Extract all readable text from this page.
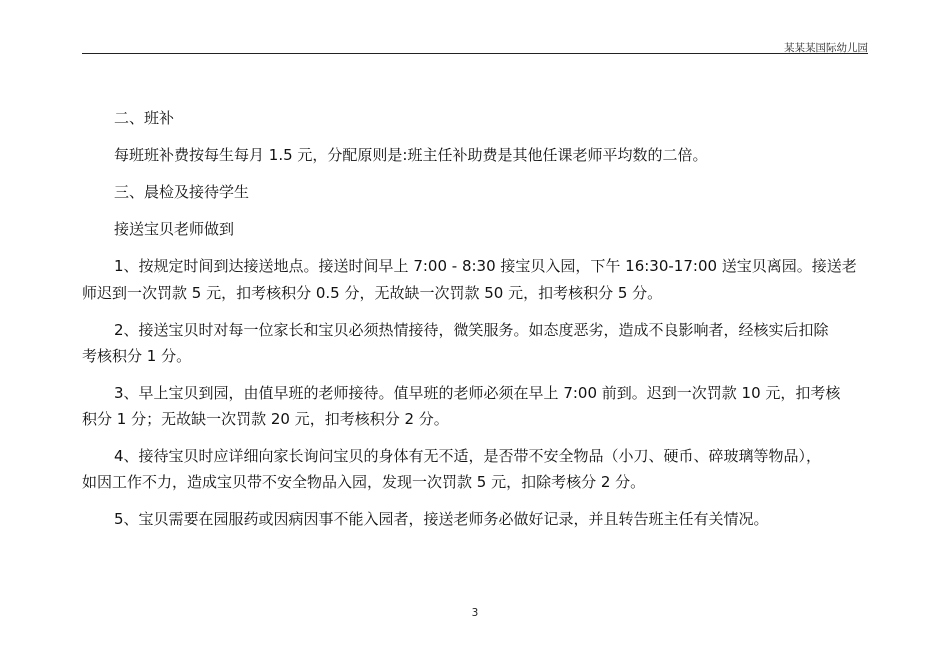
某某某国际幼儿园
二、班补
每班班补费按每生每月 1.5 元，分配原则是:班主任补助费是其他任课老师平均数的二倍。
三、晨检及接待学生
接送宝贝老师做到
1、按规定时间到达接送地点。接送时间早上 7:00 - 8:30 接宝贝入园，下午 16:30-17:00 送宝贝离园。接送老
师迟到一次罚款 5 元，扣考核积分 0.5 分，无故缺一次罚款 50 元，扣考核积分 5 分。
2、接送宝贝时对每一位家长和宝贝必须热情接待，微笑服务。如态度恶劣，造成不良影响者，经核实后扣除
考核积分 1 分。
3、早上宝贝到园，由值早班的老师接待。值早班的老师必须在早上 7:00 前到。迟到一次罚款 10 元，扣考核
积分 1 分；无故缺一次罚款 20 元，扣考核积分 2 分。
4、接待宝贝时应详细向家长询问宝贝的身体有无不适，是否带不安全物品（小刀、硬币、碎玻璃等物品），
如因工作不力，造成宝贝带不安全物品入园，发现一次罚款 5 元，扣除考核分 2 分。
5、宝贝需要在园服药或因病因事不能入园者，接送老师务必做好记录，并且转告班主任有关情况。
3
